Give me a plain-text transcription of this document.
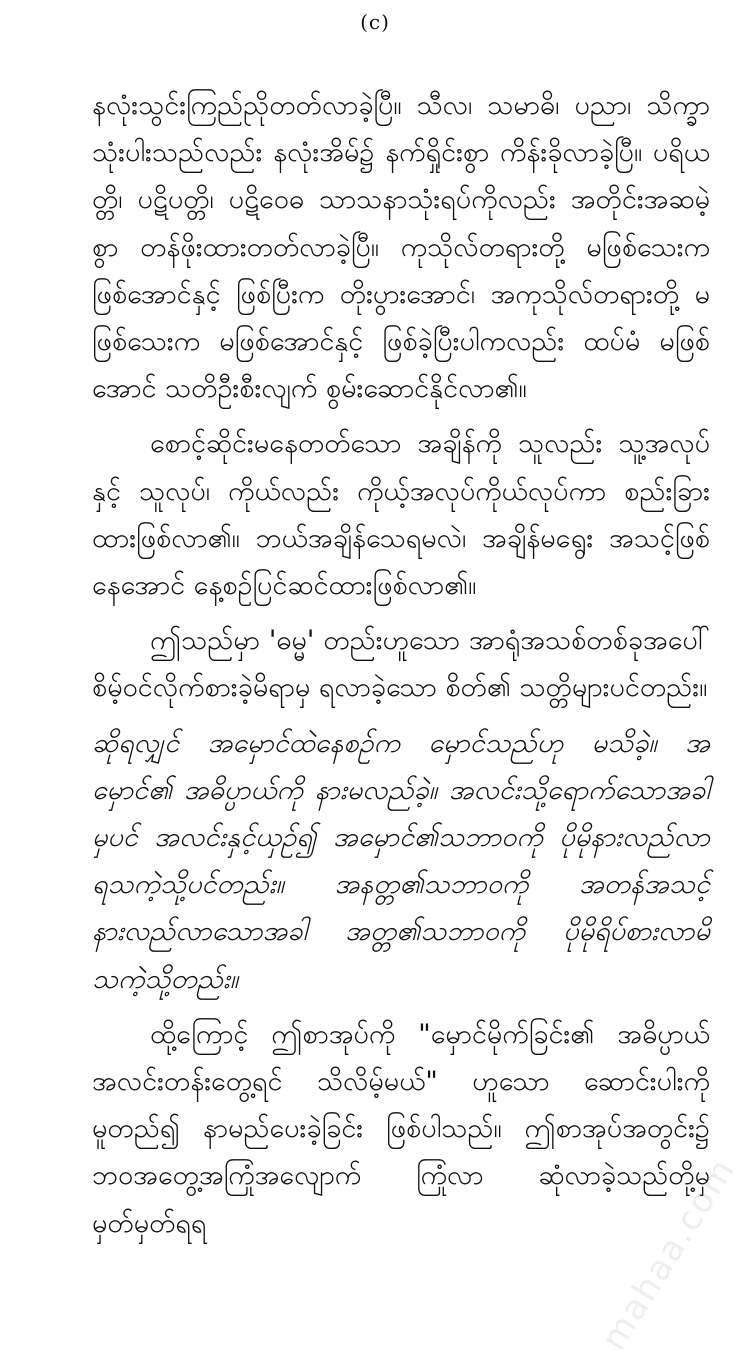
(c)

နလုံးသွင်းကြည်ညိုတတ်လာခဲ့ပြီ။ သီလ၊ သမာဓိ၊ ပညာ၊ သိက္ခာ သုံးပါးသည်လည်း နလုံးအိမ်၌ နက်ရှိုင်းစွာ ကိန်းခိုလာခဲ့ပြီ။ ပရိယတ္တိ၊ ပဋိပတ္တိ၊ ပဋိဝေဓ သာသနာသုံးရပ်ကိုလည်း အတိုင်းအဆမဲ့စွာ တန်ဖိုးထားတတ်လာခဲ့ပြီ။ ကုသိုလ်တရားတို့ မဖြစ်သေးက ဖြစ်အောင်နှင့် ဖြစ်ပြီးက တိုးပွားအောင်၊ အကုသိုလ်တရားတို့ မဖြစ်သေးက မဖြစ်အောင်နှင့် ဖြစ်ခဲ့ပြီးပါကလည်း ထပ်မံ မဖြစ်အောင် သတိဦးစီးလျက် စွမ်းဆောင်နိုင်လာ၏။

စောင့်ဆိုင်းမနေတတ်သော အချိန်ကို သူလည်း သူ့အလုပ်နှင့် သူလုပ်၊ ကိုယ်လည်း ကိုယ့်အလုပ်ကိုယ်လုပ်ကာ စည်းခြားထားဖြစ်လာ၏။ ဘယ်အချိန်သေရမလဲ၊ အချိန်မရွေး အသင့်ဖြစ်နေအောင် နေ့စဉ်ပြင်ဆင်ထားဖြစ်လာ၏။

ဤသည်မှာ 'ဓမ္မ' တည်းဟူသော အာရုံအသစ်တစ်ခုအပေါ် စိမ့်ဝင်လိုက်စားခဲ့မိရာမှ ရလာခဲ့သော စိတ်၏ သတ္တိများပင်တည်း။

ဆိုရလျှင် အမှောင်ထဲနေစဉ်က မှောင်သည်ဟု မသိခဲ့။ အမှောင်၏ အဓိပ္ပာယ်ကို နားမလည်ခဲ့။ အလင်းသို့ရောက်သောအခါမှပင် အလင်းနှင့်ယှဉ်၍ အမှောင်၏သဘာဝကို ပိုမိုနားလည်လာရသကဲ့သို့ပင်တည်း။ အနတ္တ၏သဘာဝကို အတန်အသင့် နားလည်လာသောအခါ အတ္တ၏သဘာဝကို ပိုမိုရိပ်စားလာမိသကဲ့သို့တည်း။

ထို့ကြောင့် ဤစာအုပ်ကို "မှောင်မိုက်ခြင်း၏ အဓိပ္ပာယ် အလင်းတန်းတွေ့ရင် သိလိမ့်မယ်" ဟူသော ဆောင်းပါးကို မူတည်၍ နာမည်ပေးခဲ့ခြင်း ဖြစ်ပါသည်။ ဤစာအုပ်အတွင်း၌ ဘဝအတွေ့အကြုံအလျောက် ကြုံလာ ဆုံလာခဲ့သည်တို့မှ မှတ်မှတ်ရရ	mahaa.com
